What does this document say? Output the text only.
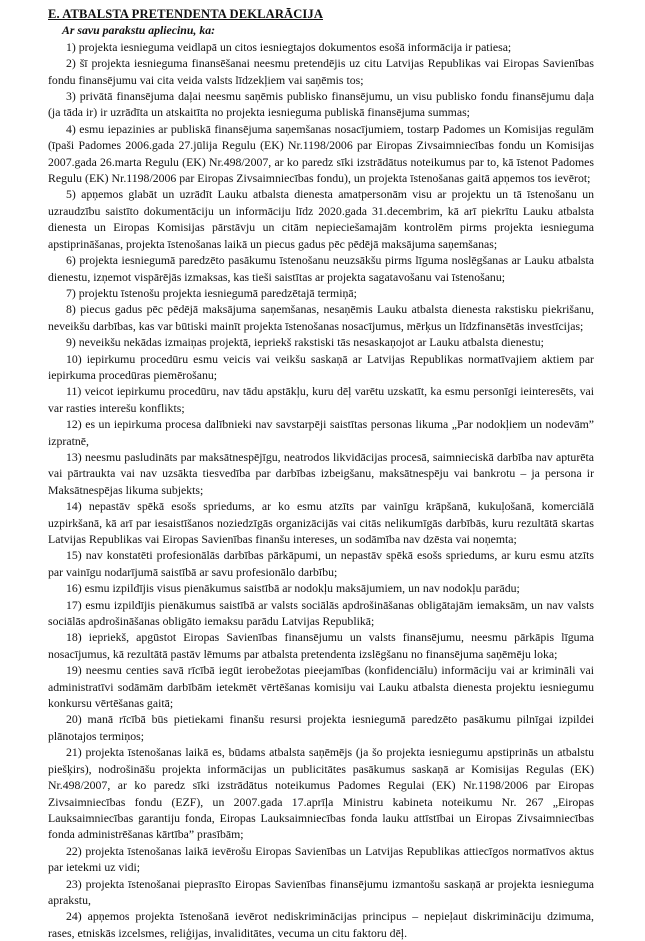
E. ATBALSTA PRETENDENTA DEKLARĀCIJA
Ar savu parakstu apliecinu, ka:

1) projekta iesnieguma veidlapā un citos iesniegtajos dokumentos esošā informācija ir patiesa;

2) šī projekta iesnieguma finansēšanai neesmu pretendējis uz citu Latvijas Republikas vai Eiropas Savienības fondu finansējumu vai cita veida valsts līdzekļiem vai saņēmis tos;

3) privātā finansējuma daļai neesmu saņēmis publisko finansējumu, un visu publisko fondu finansējumu daļa (ja tāda ir) ir uzrādīta un atskaitīta no projekta iesnieguma publiskā finansējuma summas;

4) esmu iepazinies ar publiskā finansējuma saņemšanas nosacījumiem, tostarp Padomes un Komisijas regulām (īpaši Padomes 2006.gada 27.jūlija Regulu (EK) Nr.1198/2006 par Eiropas Zivsaimniecības fondu un Komisijas 2007.gada 26.marta Regulu (EK) Nr.498/2007, ar ko paredz sīki izstrādātus noteikumus par to, kā īstenot Padomes Regulu (EK) Nr.1198/2006 par Eiropas Zivsaimniecības fondu), un projekta īstenošanas gaitā apņemos tos ievērot;

5) apņemos glabāt un uzrādīt Lauku atbalsta dienesta amatpersonām visu ar projektu un tā īstenošanu un uzraudzību saistīto dokumentāciju un informāciju līdz 2020.gada 31.decembrim, kā arī piekrītu Lauku atbalsta dienesta un Eiropas Komisijas pārstāvju un citām nepieciešamajām kontrolēm pirms projekta iesnieguma apstiprināšanas, projekta īstenošanas laikā un piecus gadus pēc pēdējā maksājuma saņemšanas;

6) projekta iesniegumā paredzēto pasākumu īstenošanu neuzsākšu pirms līguma noslēgšanas ar Lauku atbalsta dienestu, izņemot vispārējās izmaksas, kas tieši saistītas ar projekta sagatavošanu vai īstenošanu;

7) projektu īstenošu projekta iesniegumā paredzētajā termiņā;

8) piecus gadus pēc pēdējā maksājuma saņemšanas, nesaņēmis Lauku atbalsta dienesta rakstisku piekrišanu, neveikšu darbības, kas var būtiski mainīt projekta īstenošanas nosacījumus, mērķus un līdzfinansētās investīcijas;

9) neveikšu nekādas izmaiņas projektā, iepriekš rakstiski tās nesaskaņojot ar Lauku atbalsta dienestu;

10) iepirkumu procedūru esmu veicis vai veikšu saskaņā ar Latvijas Republikas normatīvajiem aktiem par iepirkuma procedūras piemērošanu;

11) veicot iepirkumu procedūru, nav tādu apstākļu, kuru dēļ varētu uzskatīt, ka esmu personīgi ieinteresēts, vai var rasties interešu konflikts;

12) es un iepirkuma procesa dalībnieki nav savstarpēji saistītas personas likuma „Par nodokļiem un nodevām” izpratnē,

13) neesmu pasludināts par maksātnespējīgu, neatrodos likvidācijas procesā, saimnieciskā darbība nav apturēta vai pārtraukta vai nav uzsākta tiesvedība par darbības izbeigšanu, maksātnespēju vai bankrotu – ja persona ir Maksātnespējas likuma subjekts;

14) nepastāv spēkā esošs spriedums, ar ko esmu atzīts par vainīgu krāpšanā, kukuļošanā, komerciālā uzpirkšanā, kā arī par iesaistīšanos noziedzīgās organizācijās vai citās nelikumīgās darbībās, kuru rezultātā skartas Latvijas Republikas vai Eiropas Savienības finanšu intereses, un sodāmība nav dzēsta vai noņemta;

15) nav konstatēti profesionālās darbības pārkāpumi, un nepastāv spēkā esošs spriedums, ar kuru esmu atzīts par vainīgu nodarījumā saistībā ar savu profesionālo darbību;

16) esmu izpildījis visus pienākumus saistībā ar nodokļu maksājumiem, un nav nodokļu parādu;

17) esmu izpildījis pienākumus saistībā ar valsts sociālās apdrošināšanas obligātajām iemaksām, un nav valsts sociālās apdrošināšanas obligāto iemaksu parādu Latvijas Republikā;

18) iepriekš, apgūstot Eiropas Savienības finansējumu un valsts finansējumu, neesmu pārkāpis līguma nosacījumus, kā rezultātā pastāv lēmums par atbalsta pretendenta izslēgšanu no finansējuma saņēmēju loka;

19) neesmu centies savā rīcībā iegūt ierobežotas pieejamības (konfidenciālu) informāciju vai ar krimināli vai administratīvi sodāmām darbībām ietekmēt vērtēšanas komisiju vai Lauku atbalsta dienesta projektu iesniegumu konkursu vērtēšanas gaitā;

20) manā rīcībā būs pietiekami finanšu resursi projekta iesniegumā paredzēto pasākumu pilnīgai izpildei plānotajos termiņos;

21) projekta īstenošanas laikā es, būdams atbalsta saņēmējs (ja šo projekta iesniegumu apstiprinās un atbalstu piešķirs), nodrošināšu projekta informācijas un publicitātes pasākumus saskaņā ar Komisijas Regulas (EK) Nr.498/2007, ar ko paredz sīki izstrādātus noteikumus Padomes Regulai (EK) Nr.1198/2006 par Eiropas Zivsaimniecības fondu (EZF), un 2007.gada 17.aprīļa Ministru kabineta noteikumu Nr. 267 „Eiropas Lauksaimniecības garantiju fonda, Eiropas Lauksaimniecības fonda lauku attīstībai un Eiropas Zivsaimniecības fonda administrēšanas kārtība” prasībām;

22) projekta īstenošanas laikā ievērošu Eiropas Savienības un Latvijas Republikas attiecīgos normatīvos aktus par ietekmi uz vidi;

23) projekta īstenošanai pieprasīto Eiropas Savienības finansējumu izmantošu saskaņā ar projekta iesnieguma aprakstu,

24) apņemos projekta īstenošanā ievērot nediskriminācijas principus – nepieļaut diskrimināciju dzimuma, rases, etniskās izcelsmes, reliģijas, invaliditātes, vecuma un citu faktoru dēļ.
